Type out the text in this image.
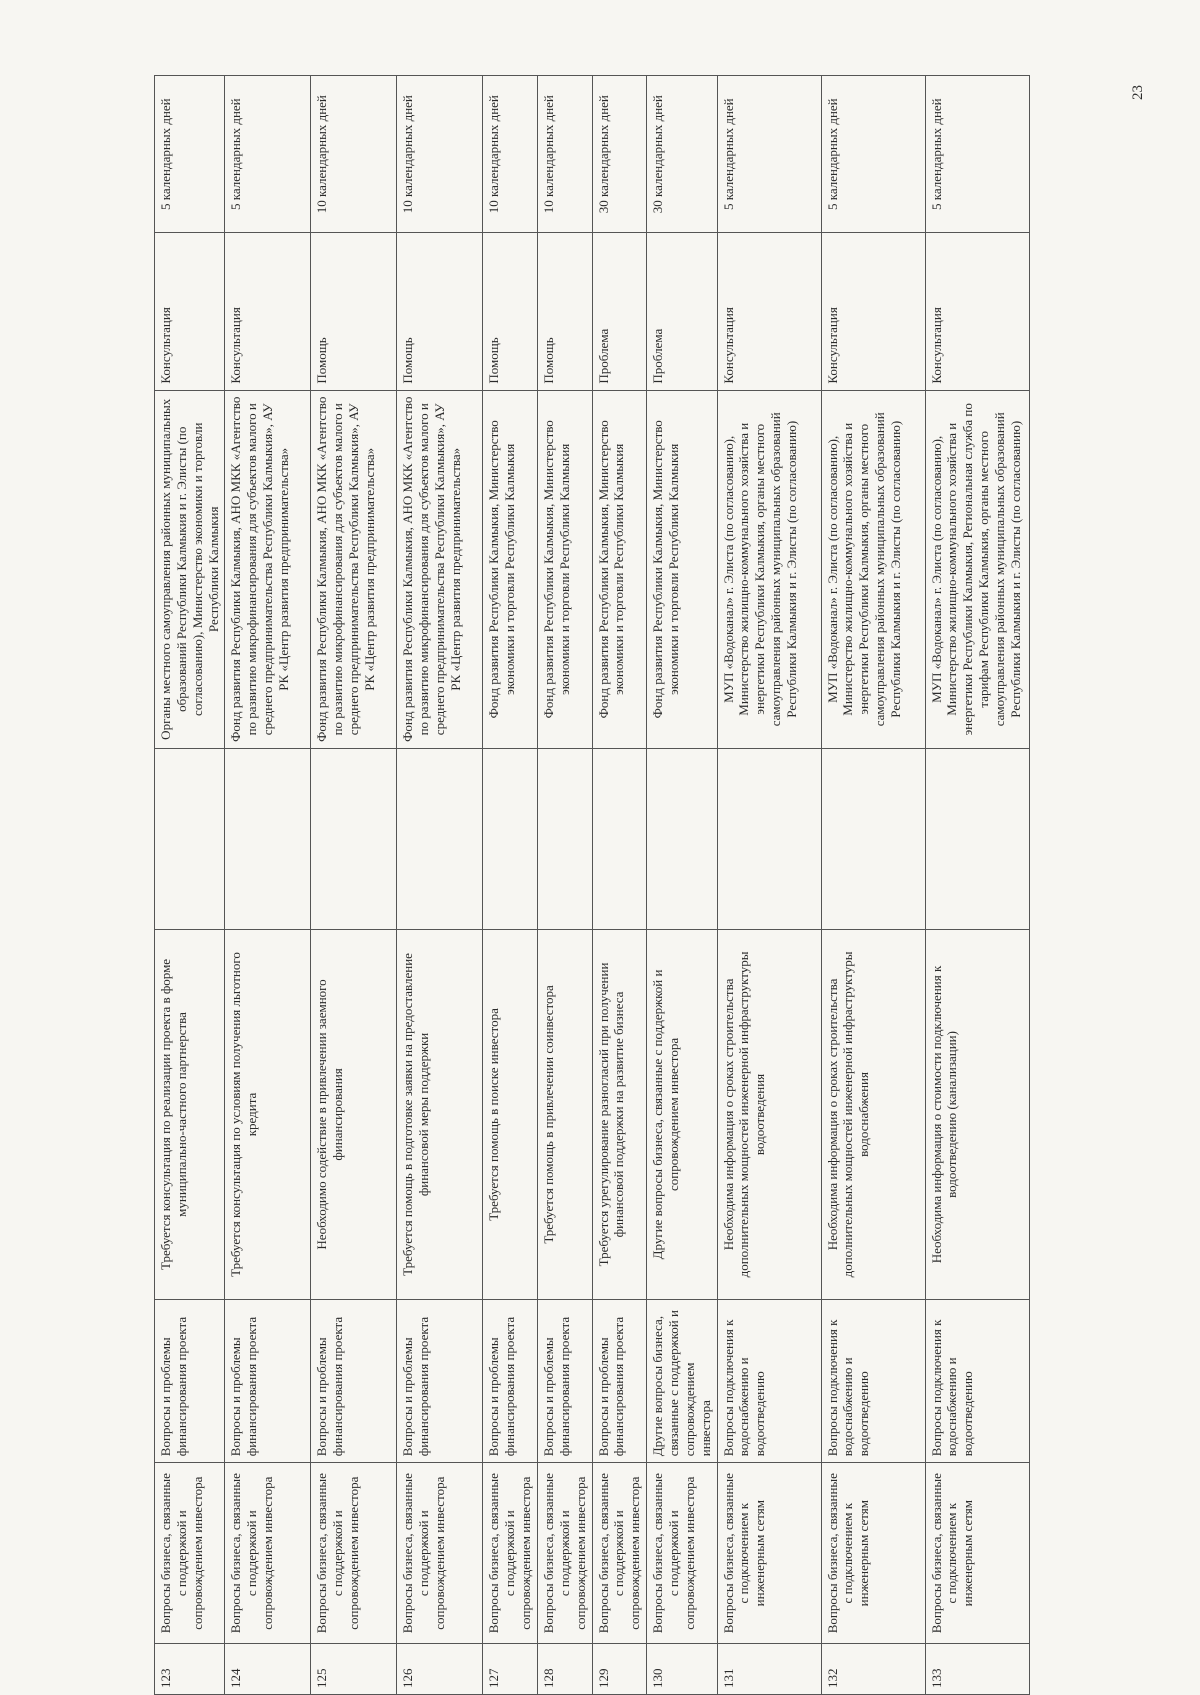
23
123	Вопросы бизнеса, связанные с поддержкой и сопровождением инвестора	Вопросы и проблемы финансирования проекта	Требуется консультация по реализации проекта в форме муниципально-частного партнерства		Органы местного самоуправления районных муниципальных образований Республики Калмыкия и г. Элисты (по согласованию), Министерство экономики и торговли Республики Калмыкия	Консультация	5 календарных дней
124	Вопросы бизнеса, связанные с поддержкой и сопровождением инвестора	Вопросы и проблемы финансирования проекта	Требуется консультация по условиям получения льготного кредита		Фонд развития Республики Калмыкия, АНО МКК «Агентство по развитию микрофинансирования для субъектов малого и среднего предпринимательства Республики Калмыкия», АУ РК «Центр развития предпринимательства»	Консультация	5 календарных дней
125	Вопросы бизнеса, связанные с поддержкой и сопровождением инвестора	Вопросы и проблемы финансирования проекта	Необходимо содействие в привлечении заемного финансирования		Фонд развития Республики Калмыкия, АНО МКК «Агентство по развитию микрофинансирования для субъектов малого и среднего предпринимательства Республики Калмыкия», АУ РК «Центр развития предпринимательства»	Помощь	10 календарных дней
126	Вопросы бизнеса, связанные с поддержкой и сопровождением инвестора	Вопросы и проблемы финансирования проекта	Требуется помощь в подготовке заявки на предоставление финансовой меры поддержки		Фонд развития Республики Калмыкия, АНО МКК «Агентство по развитию микрофинансирования для субъектов малого и среднего предпринимательства Республики Калмыкия», АУ РК «Центр развития предпринимательства»	Помощь	10 календарных дней
127	Вопросы бизнеса, связанные с поддержкой и сопровождением инвестора	Вопросы и проблемы финансирования проекта	Требуется помощь в поиске инвестора		Фонд развития Республики Калмыкия, Министерство экономики и торговли Республики Калмыкия	Помощь	10 календарных дней
128	Вопросы бизнеса, связанные с поддержкой и сопровождением инвестора	Вопросы и проблемы финансирования проекта	Требуется помощь в привлечении соинвестора		Фонд развития Республики Калмыкия, Министерство экономики и торговли Республики Калмыкия	Помощь	10 календарных дней
129	Вопросы бизнеса, связанные с поддержкой и сопровождением инвестора	Вопросы и проблемы финансирования проекта	Требуется урегулирование разногласий при получении финансовой поддержки на развитие бизнеса		Фонд развития Республики Калмыкия, Министерство экономики и торговли Республики Калмыкия	Проблема	30 календарных дней
130	Вопросы бизнеса, связанные с поддержкой и сопровождением инвестора	Другие вопросы бизнеса, связанные с поддержкой и сопровождением инвестора	Другие вопросы бизнеса, связанные с поддержкой и сопровождением инвестора		Фонд развития Республики Калмыкия, Министерство экономики и торговли Республики Калмыкия	Проблема	30 календарных дней
131	Вопросы бизнеса, связанные с подключением к инженерным сетям	Вопросы подключения к водоснабжению и водоотведению	Необходима информация о сроках строительства дополнительных мощностей инженерной инфраструктуры водоотведения		МУП «Водоканал» г. Элиста (по согласованию), Министерство жилищно-коммунального хозяйства и энергетики Республики Калмыкия, органы местного самоуправления районных муниципальных образований Республики Калмыкия и г. Элисты (по согласованию)	Консультация	5 календарных дней
132	Вопросы бизнеса, связанные с подключением к инженерным сетям	Вопросы подключения к водоснабжению и водоотведению	Необходима информация о сроках строительства дополнительных мощностей инженерной инфраструктуры водоснабжения		МУП «Водоканал» г. Элиста (по согласованию), Министерство жилищно-коммунального хозяйства и энергетики Республики Калмыкия, органы местного самоуправления районных муниципальных образований Республики Калмыкия и г. Элисты (по согласованию)	Консультация	5 календарных дней
133	Вопросы бизнеса, связанные с подключением к инженерным сетям	Вопросы подключения к водоснабжению и водоотведению	Необходима информация о стоимости подключения к водоотведению (канализации)		МУП «Водоканал» г. Элиста (по согласованию), Министерство жилищно-коммунального хозяйства и энергетики Республики Калмыкия, Региональная служба по тарифам Республики Калмыкия, органы местного самоуправления районных муниципальных образований Республики Калмыкия и г. Элисты (по согласованию)	Консультация	5 календарных дней
